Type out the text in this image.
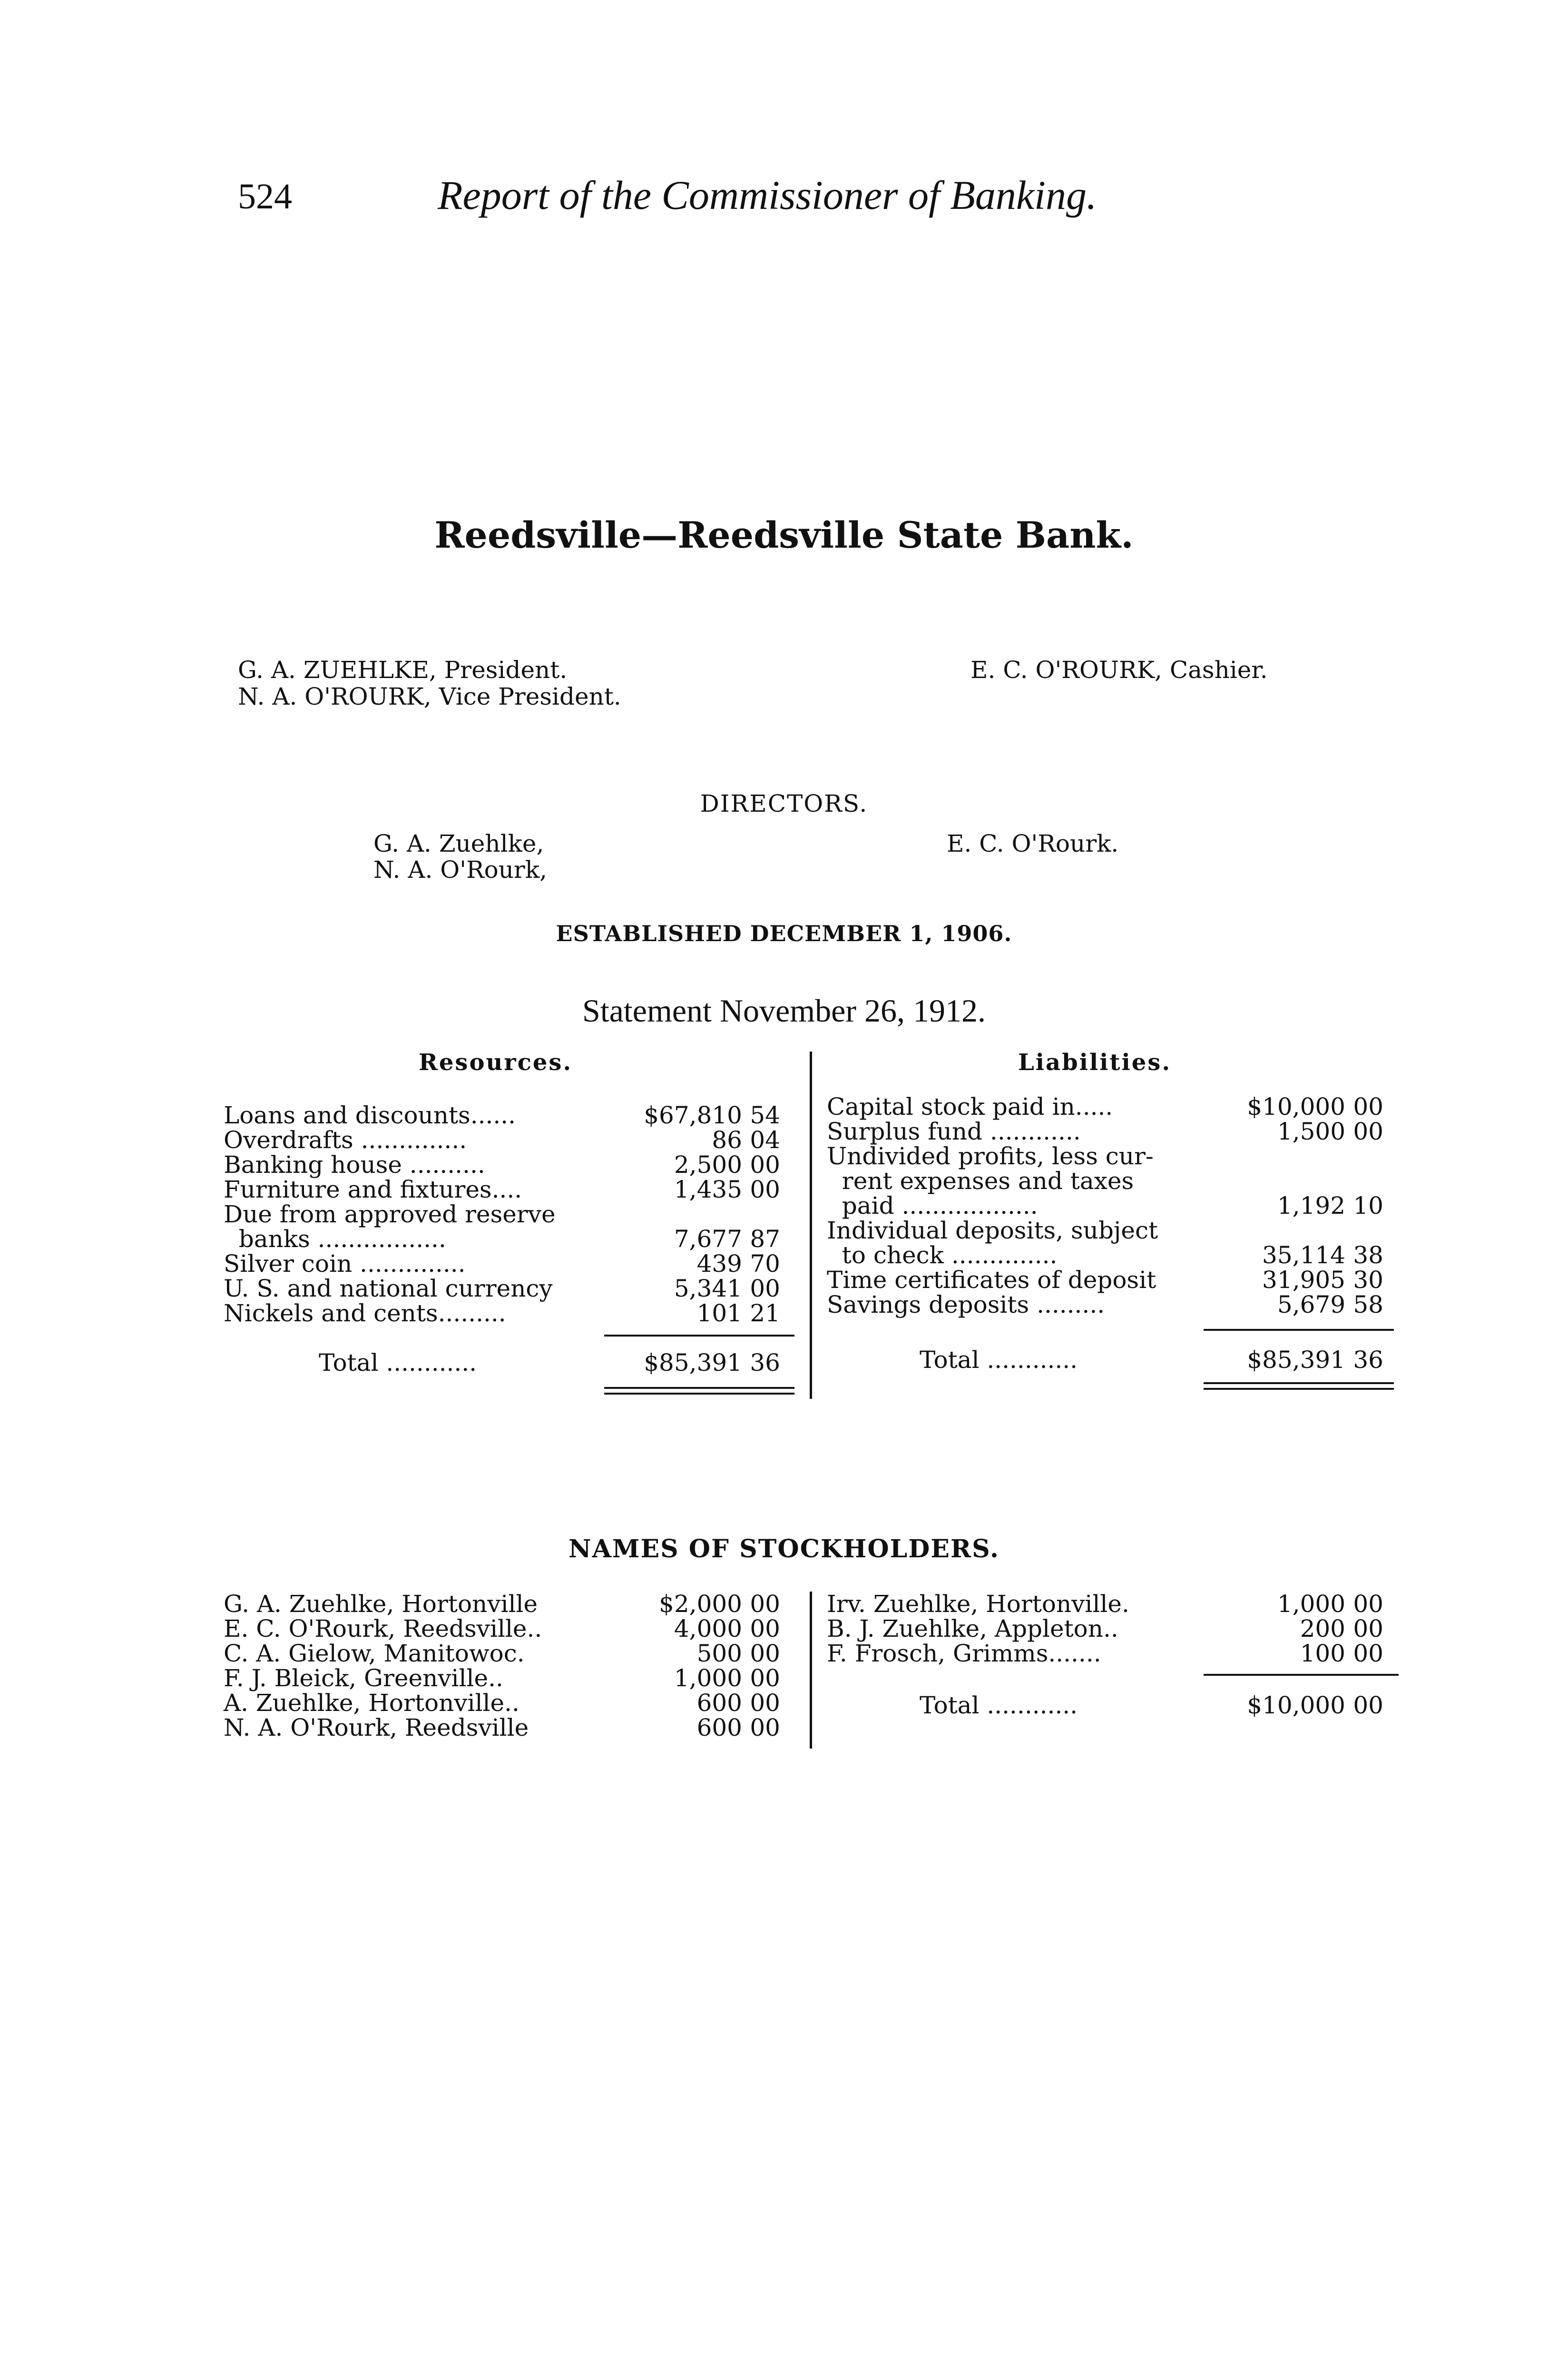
524	Report of the Commissioner of Banking.
Reedsville—Reedsville State Bank.
G. A. ZUEHLKE, President.
N. A. O'ROURK, Vice President.
E. C. O'ROURK, Cashier.
DIRECTORS.
G. A. Zuehlke,
N. A. O'Rourk,
E. C. O'Rourk.
ESTABLISHED DECEMBER 1, 1906.
Statement November 26, 1912.
Resources.	Liabilities.
Loans and discounts......	$67,810 54
Overdrafts ..............	86 04
Banking house ..........	2,500 00
Furniture and fixtures....	1,435 00
Due from approved reserve
banks .................	7,677 87
Silver coin ..............	439 70
U. S. and national currency	5,341 00
Nickels and cents.........	101 21
Total ............	$85,391 36
Capital stock paid in.....	$10,000 00
Surplus fund ............	1,500 00
Undivided profits, less cur-
rent expenses and taxes
paid ..................	1,192 10
Individual deposits, subject
to check ..............	35,114 38
Time certificates of deposit	31,905 30
Savings deposits .........	5,679 58
Total ............	$85,391 36
NAMES OF STOCKHOLDERS.
G. A. Zuehlke, Hortonville	$2,000 00
E. C. O'Rourk, Reedsville..	4,000 00
C. A. Gielow, Manitowoc.	500 00
F. J. Bleick, Greenville..	1,000 00
A. Zuehlke, Hortonville..	600 00
N. A. O'Rourk, Reedsville	600 00
Irv. Zuehlke, Hortonville.	1,000 00
B. J. Zuehlke, Appleton..	200 00
F. Frosch, Grimms.......	100 00
Total ............	$10,000 00
